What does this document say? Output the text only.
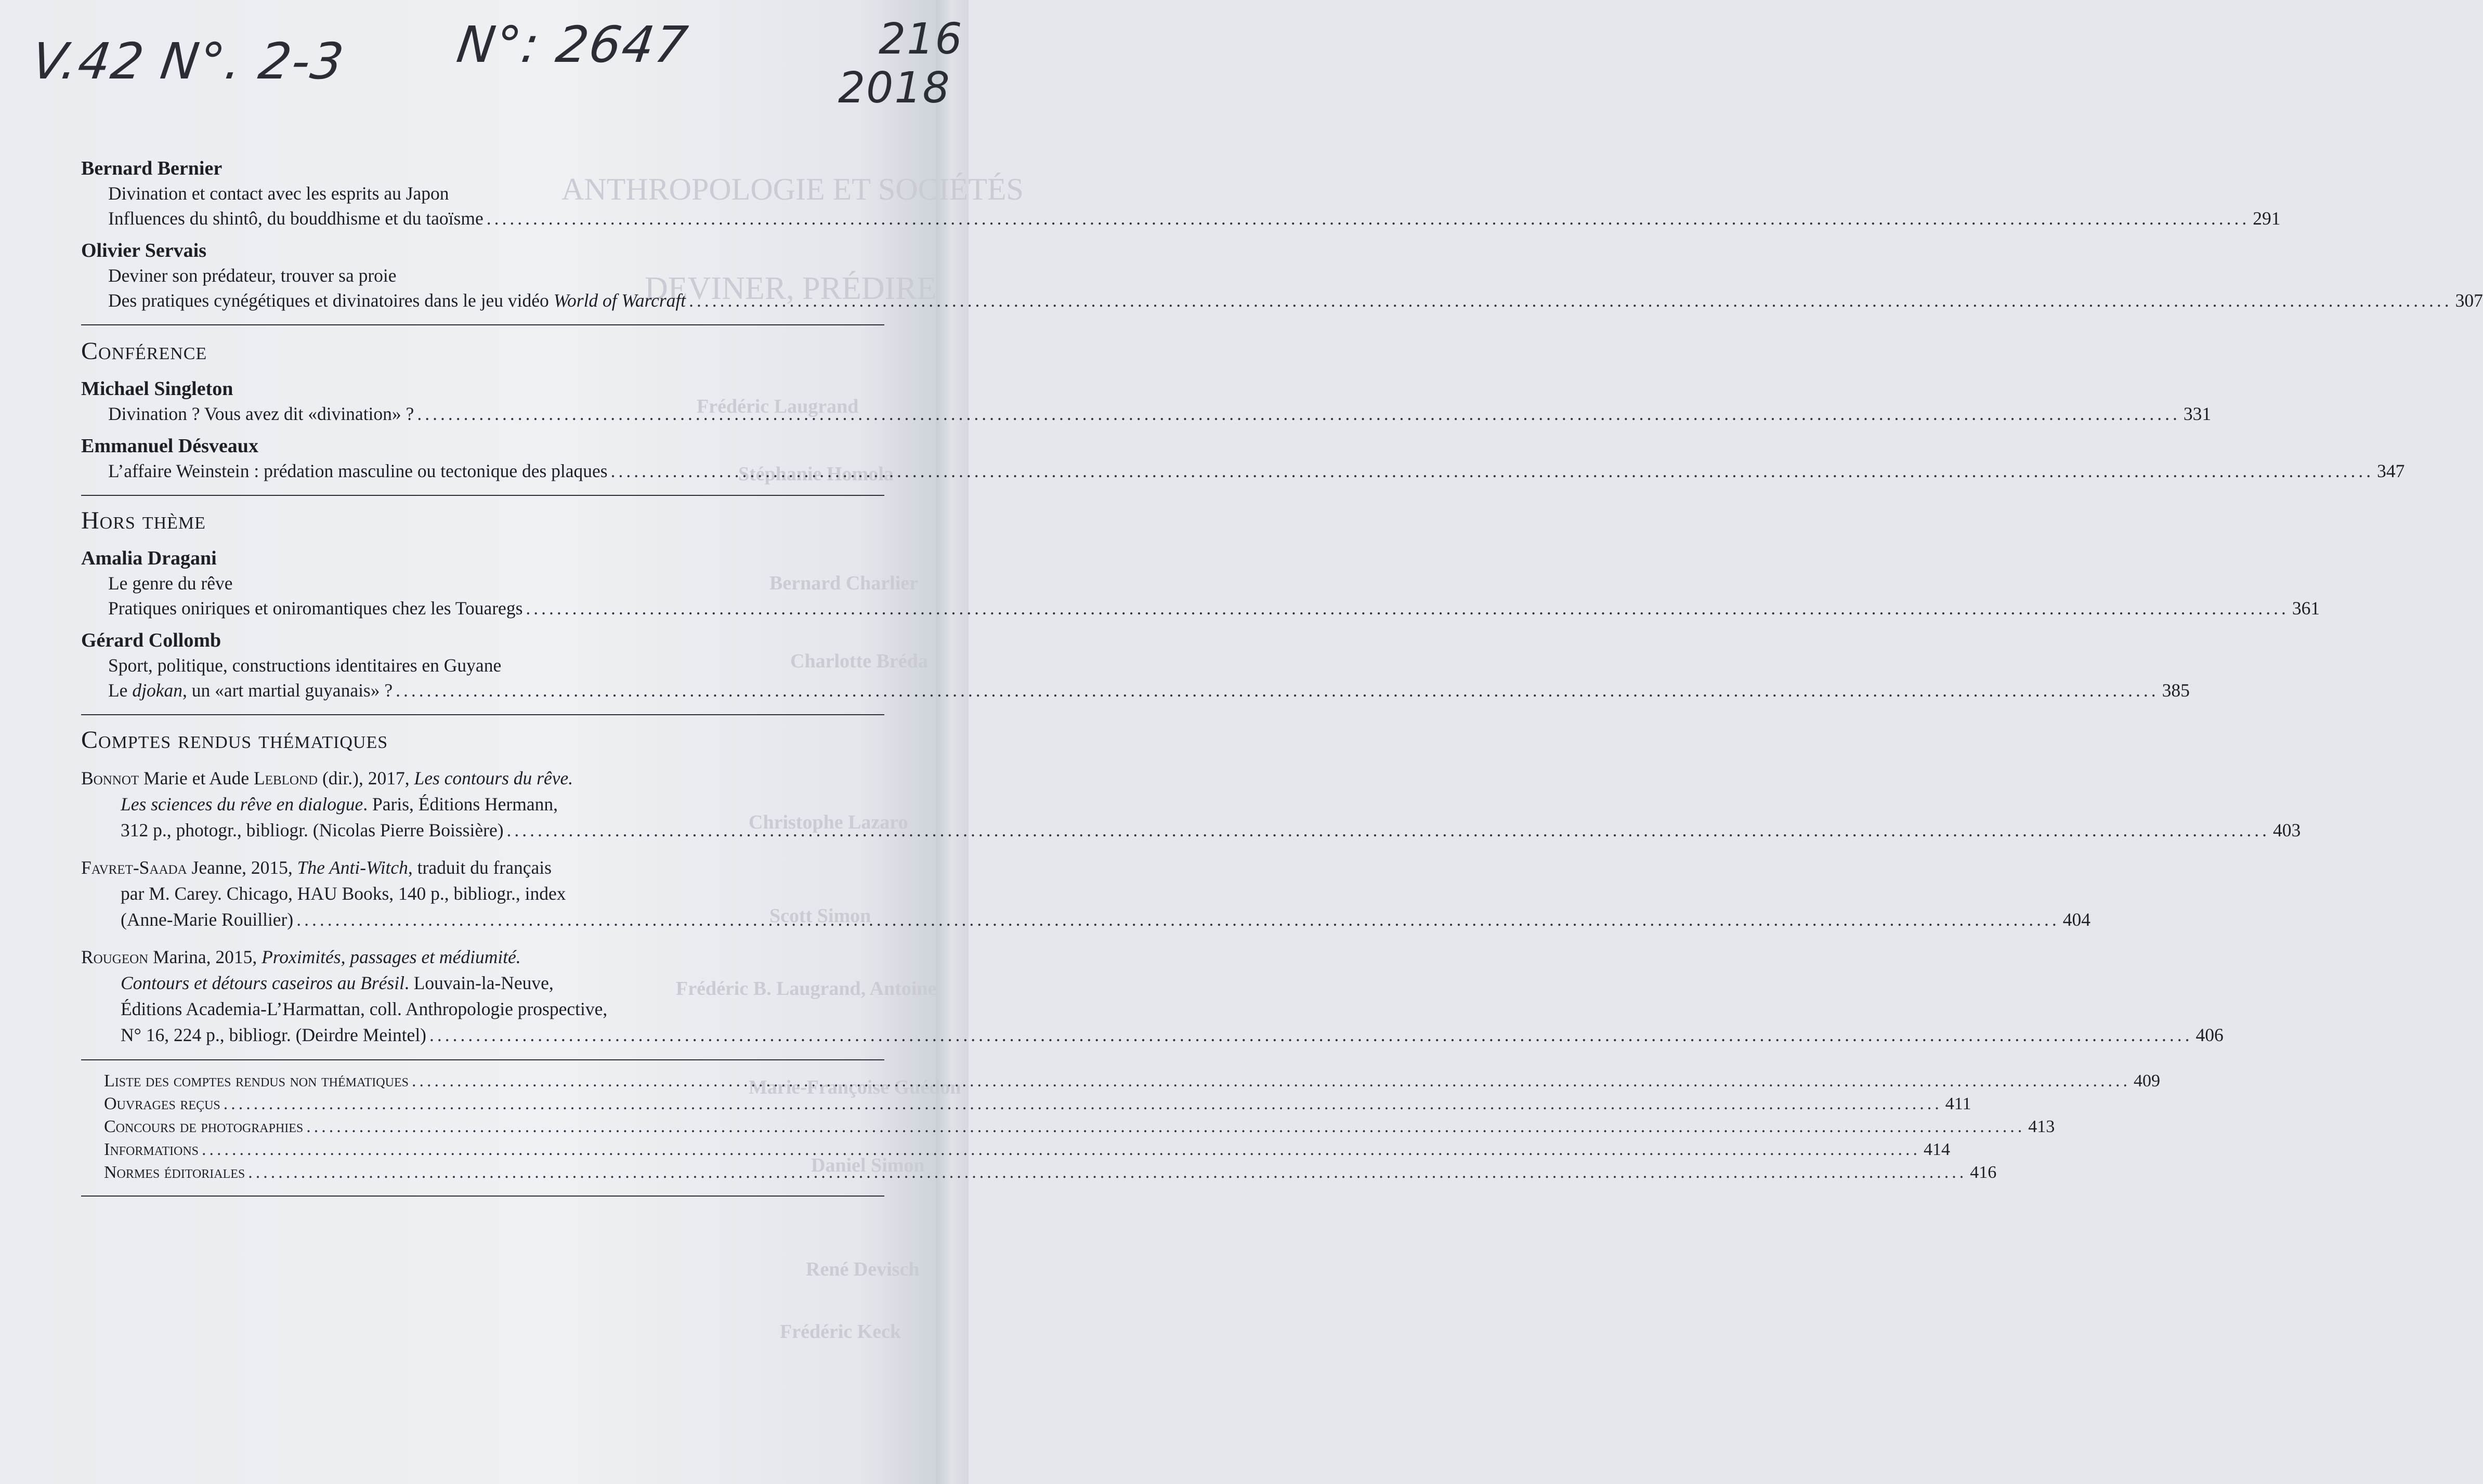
ANTHROPOLOGIE ET SOCIÉTÉS
DEVINER, PRÉDIRE
Frédéric Laugrand
Stéphanie Homola
Bernard Charlier
Charlotte Bréda
Christophe Lazaro
Scott Simon
Frédéric B. Laugrand, Antoine
Marie-Françoise Guédon
Daniel Simon
René Devisch
Frédéric Keck
V.42 N°. 2-3 N°: 2647	216
2018
Bernard Bernier
Divination et contact avec les esprits au Japon
Influences du shintô, du bouddhisme et du taoïsme .....	291
Olivier Servais
Deviner son prédateur, trouver sa proie
Des pratiques cynégétiques et divinatoires dans le jeu vidéo World of Warcraft .....	307
Conférence
Michael Singleton
Divination ? Vous avez dit «divination» ? .....	331
Emmanuel Désveaux
L’affaire Weinstein : prédation masculine ou tectonique des plaques .....	347
Hors thème
Amalia Dragani
Le genre du rêve
Pratiques oniriques et oniromantiques chez les Touaregs .....	361
Gérard Collomb
Sport, politique, constructions identitaires en Guyane
Le djokan, un «art martial guyanais» ? .....	385
Comptes rendus thématiques
Bonnot Marie et Aude Leblond (dir.), 2017, Les contours du rêve.
Les sciences du rêve en dialogue. Paris, Éditions Hermann,
312 p., photogr., bibliogr. (Nicolas Pierre Boissière) .....	403
Favret-Saada Jeanne, 2015, The Anti-Witch, traduit du français
par M. Carey. Chicago, HAU Books, 140 p., bibliogr., index
(Anne-Marie Rouillier) .....	404
Rougeon Marina, 2015, Proximités, passages et médiumité.
Contours et détours caseiros au Brésil. Louvain-la-Neuve,
Éditions Academia-L’Harmattan, coll. Anthropologie prospective,
N° 16, 224 p., bibliogr. (Deirdre Meintel) .....	406
Liste des comptes rendus non thématiques .....	409
Ouvrages reçus .....	411
Concours de photographies .....	413
Informations .....	414
Normes éditoriales .....	416
